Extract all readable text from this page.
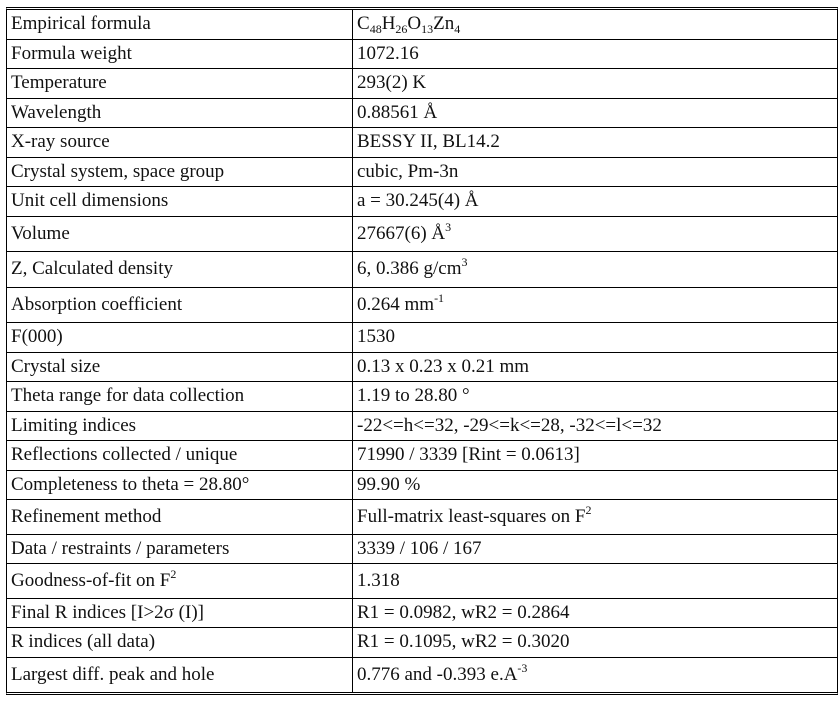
Empirical formula	$C_{48}H_{26}O_{13}Zn_4$
Formula weight	1072.16
Temperature	293(2) K
Wavelength	0.88561 Å
X-ray source	BESSY II, BL14.2
Crystal system, space group	cubic, Pm-3n
Unit cell dimensions	a = 30.245(4) Å
Volume	27667(6) $Å^3$
Z, Calculated density	6, 0.386 $g/cm^3$
Absorption coefficient	0.264 $mm^{-1}$
F(000)	1530
Crystal size	0.13 x 0.23 x 0.21 mm
Theta range for data collection	1.19 to 28.80 °
Limiting indices	-22<=h<=32, -29<=k<=28, -32<=l<=32
Reflections collected / unique	71990 / 3339 [Rint = 0.0613]
Completeness to theta = 28.80°	99.90 %
Refinement method	Full-matrix least-squares on $F^2$
Data / restraints / parameters	3339 / 106 / 167
Goodness-of-fit on $F^2$	1.318
Final R indices [I>2σ (I)]	R1 = 0.0982, wR2 = 0.2864
R indices (all data)	R1 = 0.1095, wR2 = 0.3020
Largest diff. peak and hole	0.776 and -0.393 $e.A^{-3}$
